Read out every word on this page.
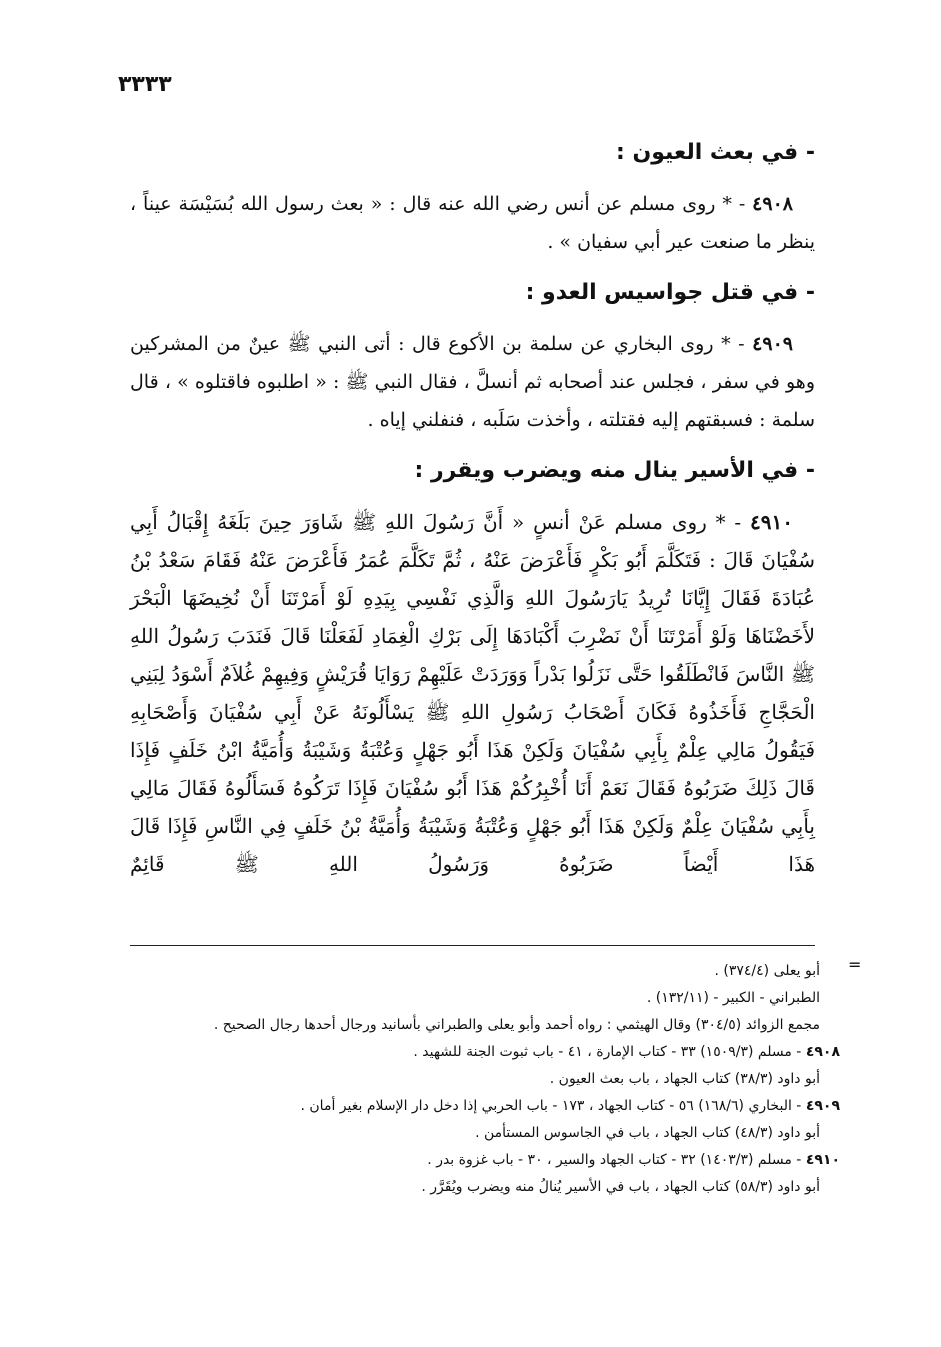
٣٣٣٣
- في بعث العيون :
٤٩٠٨ - * روى مسلم عن أنس رضي الله عنه قال : « بعث رسول الله بُسَيْسَة عيناً ، ينظر ما صنعت عير أبي سفيان » .
- في قتل جواسيس العدو :
٤٩٠٩ - * روى البخاري عن سلمة بن الأكوع قال : أتى النبي ﷺ عينٌ من المشركين وهو في سفر ، فجلس عند أصحابه ثم أنسلَّ ، فقال النبي ﷺ : « اطلبوه فاقتلوه » ، قال سلمة : فسبقتهم إليه فقتلته ، وأخذت سَلَبه ، فنفلني إياه .
- في الأسير ينال منه ويضرب ويقرر :
٤٩١٠ - * روى مسلم عَنْ أنسٍ « أَنَّ رَسُولَ اللهِ ﷺ شَاوَرَ حِينَ بَلَغَهُ إِقْبَالُ أَبِي سُفْيَانَ قَالَ : فَتَكَلَّمَ أَبُو بَكْرٍ فَأَعْرَضَ عَنْهُ ، ثُمَّ تَكَلَّمَ عُمَرُ فَأَعْرَضَ عَنْهُ فَقَامَ سَعْدُ بْنُ عُبَادَةَ فَقَالَ إِيَّانَا تُرِيدُ يَارَسُولَ اللهِ وَالَّذِي نَفْسِي بِيَدِهِ لَوْ أَمَرْتَنَا أَنْ نُخِيضَهَا الْبَحْرَ لأَخَضْنَاهَا وَلَوْ أَمَرْتَنَا أَنْ نَضْرِبَ أَكْبَادَهَا إِلَى بَرْكِ الْغِمَادِ لَفَعَلْنَا قَالَ فَنَدَبَ رَسُولُ اللهِ ﷺ النَّاسَ فَانْطَلَقُوا حَتَّى نَزَلُوا بَدْراً وَوَرَدَتْ عَلَيْهِمْ رَوَايَا قُرَيْشٍ وَفِيهِمْ غُلاَمٌ أَسْوَدُ لِبَنِي الْحَجَّاجِ فَأَخَذُوهُ فَكَانَ أَصْحَابُ رَسُولِ اللهِ ﷺ يَسْأَلُونَهُ عَنْ أَبِي سُفْيَانَ وَأَصْحَابِهِ فَيَقُولُ مَالِي عِلْمٌ بِأَبِي سُفْيَانَ وَلَكِنْ هَذَا أَبُو جَهْلٍ وَعُتْبَةُ وَشَيْبَةُ وَأُمَيَّةُ ابْنُ خَلَفٍ فَإِذَا قَالَ ذَلِكَ ضَرَبُوهُ فَقَالَ نَعَمْ أَنَا أُخْبِرُكُمْ هَذَا أَبُو سُفْيَانَ فَإِذَا تَرَكُوهُ فَسَأَلُوهُ فَقَالَ مَالِي بِأَبِي سُفْيَانَ عِلْمٌ وَلَكِنْ هَذَا أَبُو جَهْلٍ وَعُتْبَةُ وَشَيْبَةُ وَأُمَيَّةُ بْنُ خَلَفٍ فِي النَّاسِ فَإِذَا قَالَ هَذَا أَيْضاً ضَرَبُوهُ وَرَسُولُ اللهِ ﷺ قَائِمٌ
=
أبو يعلى (٣٧٤/٤) .
الطبراني - الكبير - (١٣٢/١١) .
مجمع الزوائد (٣٠٤/٥) وقال الهيثمي : رواه أحمد وأبو يعلى والطبراني بأسانيد ورجال أحدها رجال الصحيح .
٤٩٠٨ - مسلم (١٥٠٩/٣) ٣٣ - كتاب الإمارة ، ٤١ - باب ثبوت الجنة للشهيد .
أبو داود (٣٨/٣) كتاب الجهاد ، باب بعث العيون .
٤٩٠٩ - البخاري (١٦٨/٦) ٥٦ - كتاب الجهاد ، ١٧٣ - باب الحربي إذا دخل دار الإسلام بغير أمان .
أبو داود (٤٨/٣) كتاب الجهاد ، باب في الجاسوس المستأمن .
٤٩١٠ - مسلم (١٤٠٣/٣) ٣٢ - كتاب الجهاد والسير ، ٣٠ - باب غزوة بدر .
أبو داود (٥٨/٣) كتاب الجهاد ، باب في الأسير يُنالُ منه ويضرب ويُقَرَّر .
